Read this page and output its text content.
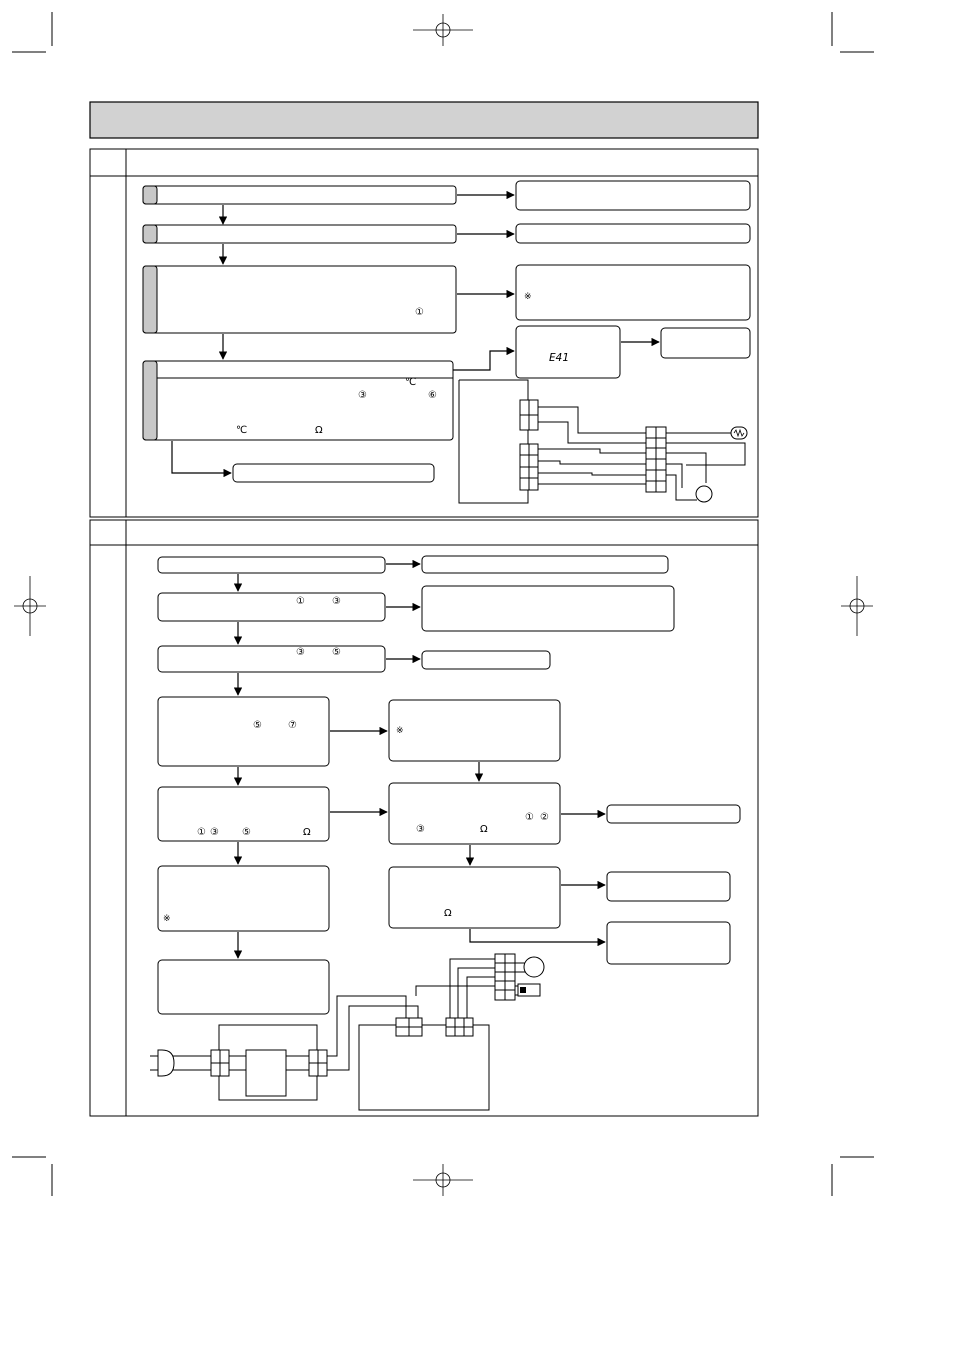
①
※
℃
③	⑥
℃	Ω
E41
①	③
③	⑤
⑤	⑦	※
① ③ ⑤	Ω
① ②
③	Ω
※	Ω
